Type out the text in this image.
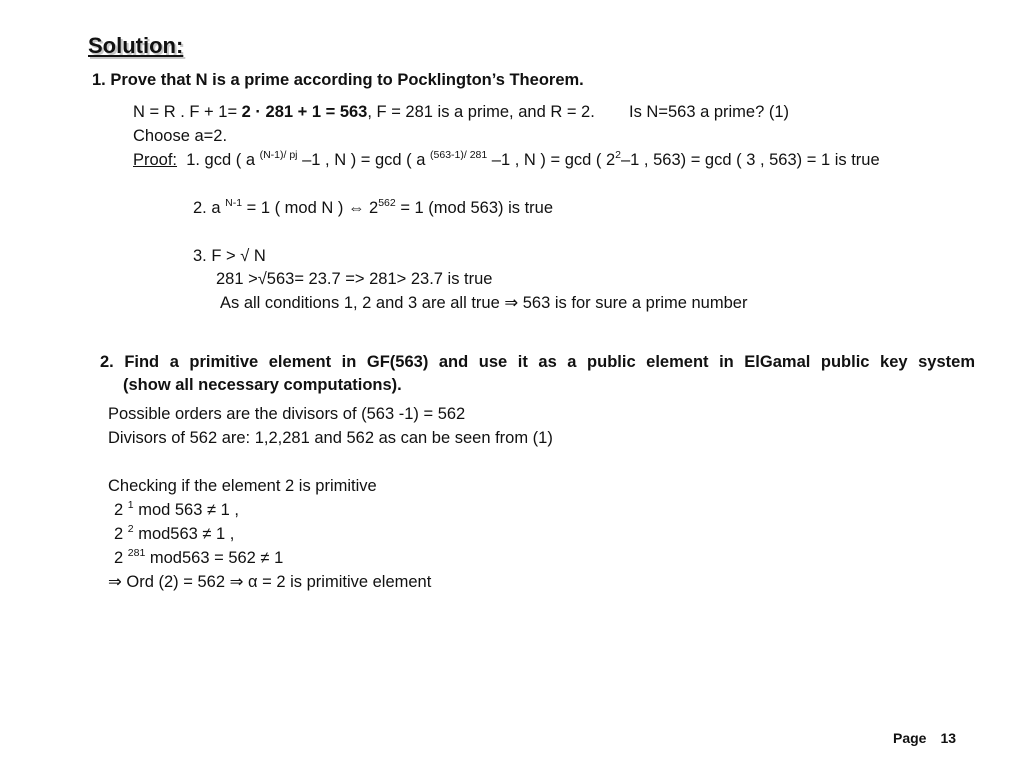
Solution:
1. Prove that N is a prime according to Pocklington’s Theorem.
N = R . F + 1= 2 · 281 + 1 = 563, F = 281 is a prime, and R = 2. Is N=563 a prime? (1)
Choose a=2.
Proof: 1. gcd ( a $^{(N-1)/ pj}$ –1 , N ) = gcd ( a $^{(563-1)/ 281}$ –1 , N ) = gcd ( $2^2-1$ , 563) = gcd ( 3 , 563) = 1 is true
2. a $^{N-1}$ = 1 ( mod N ) ⇔ $2^{562} = 1$ (mod 563) is true
3. F > √ N
281 >√563= 23.7 => 281> 23.7 is true
As all conditions 1, 2 and 3 are all true ⇒ 563 is for sure a prime number
2. Find a primitive element in GF(563) and use it as a public element in ElGamal public key system
(show all necessary computations).
Possible orders are the divisors of (563 -1) = 562
Divisors of 562 are: 1,2,281 and 562 as can be seen from (1)
Checking if the element 2 is primitive
2 $^1$ mod 563 ≠ 1 ,
2 $^2$ mod563 ≠ 1 ,
2 $^{281}$ mod563 = 562 ≠ 1
⇒ Ord (2) = 562 ⇒ α = 2 is primitive element
Page 13
